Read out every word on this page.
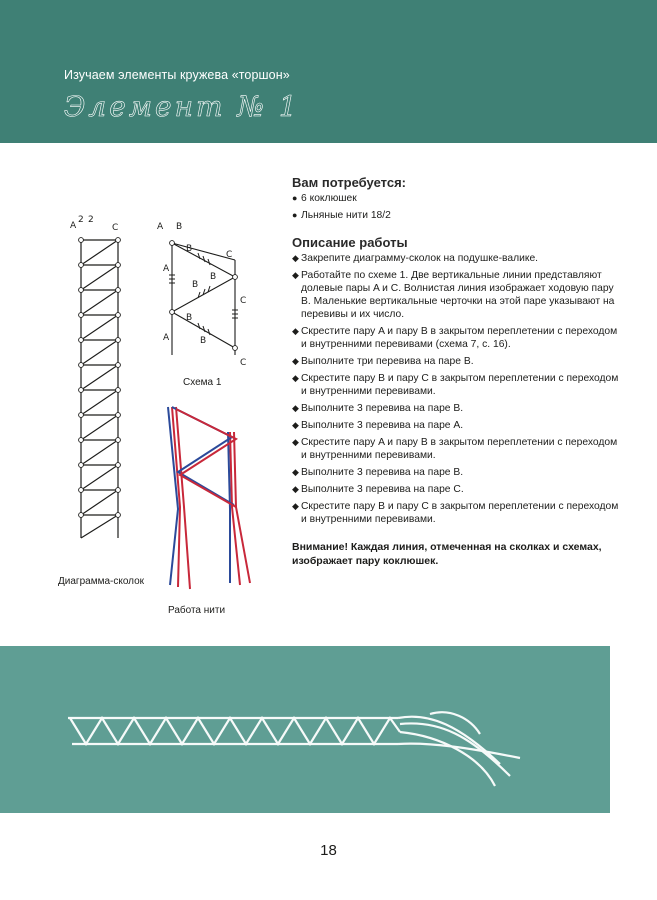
Изучаем элементы кружева «торшон»
Элемент № 1
A
2 2
C	A B
C
B
B
B
C
A
A
B
B
C
Схема 1
Диаграмма-сколок
Работа нити
Вам потребуется:
● 6 коклюшек
● Льняные нити 18/2
Описание работы
◆ Закрепите диаграмму-сколок на подушке-валике.
◆ Работайте по схеме 1. Две вертикальные линии представляют долевые пары A и C. Волнистая линия изображает ходовую пару B. Маленькие вертикальные черточки на этой паре указывают на перевивы и их число.
◆ Скрестите пару A и пару B в закрытом переплетении с переходом и внутренними перевивами (схема 7, с. 16).
◆ Выполните три перевива на паре B.
◆ Скрестите пару B и пару C в закрытом переплетении с переходом и внутренними перевивами.
◆ Выполните 3 перевива на паре B.
◆ Выполните 3 перевива на паре A.
◆ Скрестите пару A и пару B в закрытом переплетении с переходом и внутренними перевивами.
◆ Выполните 3 перевива на паре B.
◆ Выполните 3 перевива на паре C.
◆ Скрестите пару B и пару C в закрытом переплетении с переходом и внутренними перевивами.
Внимание! Каждая линия, отмеченная на сколках и схемах, изображает пару коклюшек.
18
